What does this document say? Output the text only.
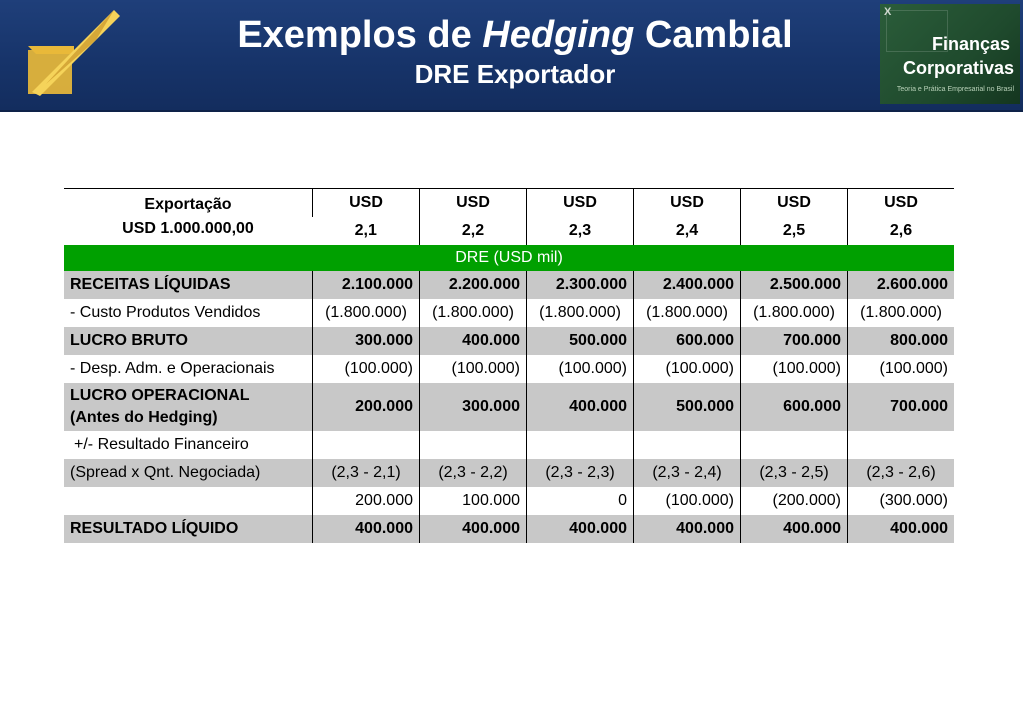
Exemplos de Hedging Cambial
DRE Exportador
X
Finanças
Corporativas
Teoria e Prática Empresarial no Brasil
Exportação
USD 1.000.000,00	USD	USD	USD	USD	USD	USD
	2,1	2,2	2,3	2,4	2,5	2,6
DRE (USD mil)						
RECEITAS LÍQUIDAS	2.100.000	2.200.000	2.300.000	2.400.000	2.500.000	2.600.000
- Custo Produtos Vendidos	(1.800.000)	(1.800.000)	(1.800.000)	(1.800.000)	(1.800.000)	(1.800.000)
LUCRO BRUTO	300.000	400.000	500.000	600.000	700.000	800.000
- Desp. Adm. e Operacionais	(100.000)	(100.000)	(100.000)	(100.000)	(100.000)	(100.000)

LUCRO OPERACIONAL
(Antes do Hedging)	200.000	300.000	400.000	500.000	600.000	700.000
+/- Resultado Financeiro						
(Spread x Qnt. Negociada)	(2,3 - 2,1)	(2,3 - 2,2)	(2,3 - 2,3)	(2,3 - 2,4)	(2,3 - 2,5)	(2,3 - 2,6)
	200.000	100.000	0	(100.000)	(200.000)	(300.000)
RESULTADO LÍQUIDO	400.000	400.000	400.000	400.000	400.000	400.000
